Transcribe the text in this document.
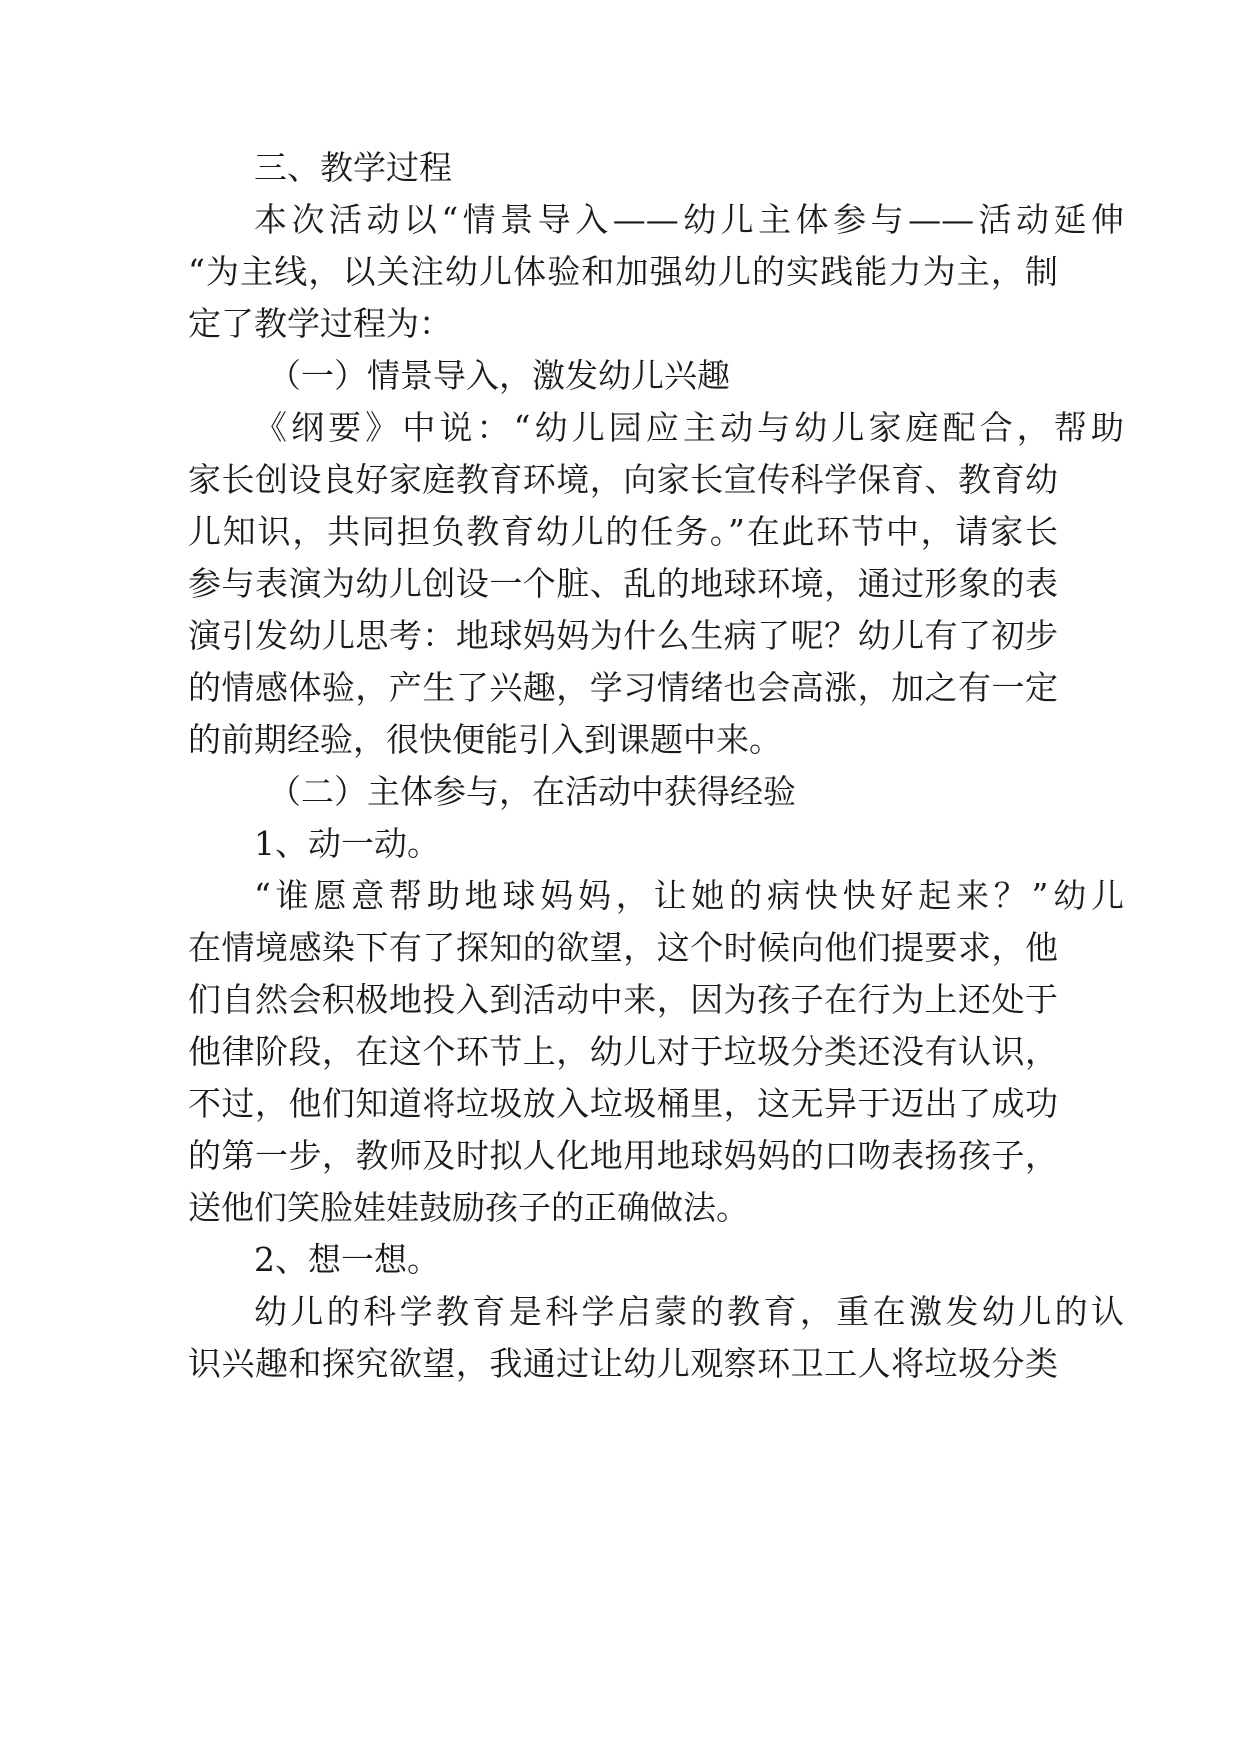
三、教学过程
本次活动以“情景导入——幼儿主体参与——活动延伸
“为主线，以关注幼儿体验和加强幼儿的实践能力为主，制
定了教学过程为：
（一）情景导入，激发幼儿兴趣
《纲要》中说：“幼儿园应主动与幼儿家庭配合，帮助
家长创设良好家庭教育环境，向家长宣传科学保育、教育幼
儿知识，共同担负教育幼儿的任务。”在此环节中，请家长
参与表演为幼儿创设一个脏、乱的地球环境，通过形象的表
演引发幼儿思考：地球妈妈为什么生病了呢？幼儿有了初步
的情感体验，产生了兴趣，学习情绪也会高涨，加之有一定
的前期经验，很快便能引入到课题中来。
（二）主体参与，在活动中获得经验
1、动一动。
“谁愿意帮助地球妈妈，让她的病快快好起来？”幼儿
在情境感染下有了探知的欲望，这个时候向他们提要求，他
们自然会积极地投入到活动中来，因为孩子在行为上还处于
他律阶段，在这个环节上，幼儿对于垃圾分类还没有认识，
不过，他们知道将垃圾放入垃圾桶里，这无异于迈出了成功
的第一步，教师及时拟人化地用地球妈妈的口吻表扬孩子，
送他们笑脸娃娃鼓励孩子的正确做法。
2、想一想。
幼儿的科学教育是科学启蒙的教育，重在激发幼儿的认
识兴趣和探究欲望，我通过让幼儿观察环卫工人将垃圾分类
